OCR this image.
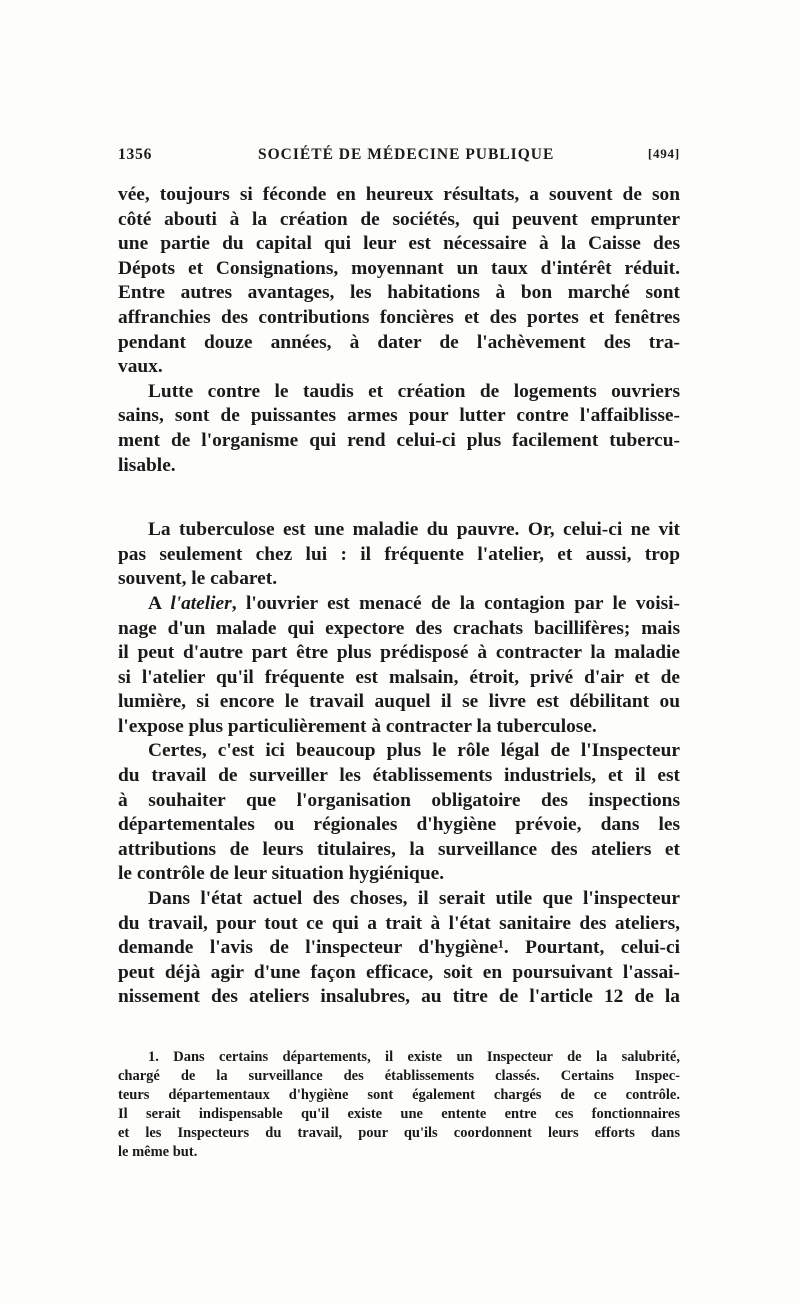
1356	SOCIÉTÉ DE MÉDECINE PUBLIQUE	[494]
vée, toujours si féconde en heureux résultats, a souvent de son
côté abouti à la création de sociétés, qui peuvent emprunter
une partie du capital qui leur est nécessaire à la Caisse des
Dépots et Consignations, moyennant un taux d'intérêt réduit.
Entre autres avantages, les habitations à bon marché sont
affranchies des contributions foncières et des portes et fenêtres
pendant douze années, à dater de l'achèvement des tra-
vaux.
Lutte contre le taudis et création de logements ouvriers
sains, sont de puissantes armes pour lutter contre l'affaiblisse-
ment de l'organisme qui rend celui-ci plus facilement tubercu-
lisable.
La tuberculose est une maladie du pauvre. Or, celui-ci ne vit
pas seulement chez lui : il fréquente l'atelier, et aussi, trop
souvent, le cabaret.
A l'atelier, l'ouvrier est menacé de la contagion par le voisi-
nage d'un malade qui expectore des crachats bacillifères; mais
il peut d'autre part être plus prédisposé à contracter la maladie
si l'atelier qu'il fréquente est malsain, étroit, privé d'air et de
lumière, si encore le travail auquel il se livre est débilitant ou
l'expose plus particulièrement à contracter la tuberculose.
Certes, c'est ici beaucoup plus le rôle légal de l'Inspecteur
du travail de surveiller les établissements industriels, et il est
à souhaiter que l'organisation obligatoire des inspections
départementales ou régionales d'hygiène prévoie, dans les
attributions de leurs titulaires, la surveillance des ateliers et
le contrôle de leur situation hygiénique.
Dans l'état actuel des choses, il serait utile que l'inspecteur
du travail, pour tout ce qui a trait à l'état sanitaire des ateliers,
demande l'avis de l'inspecteur d'hygiène¹. Pourtant, celui-ci
peut déjà agir d'une façon efficace, soit en poursuivant l'assai-
nissement des ateliers insalubres, au titre de l'article 12 de la
1. Dans certains départements, il existe un Inspecteur de la salubrité,
chargé de la surveillance des établissements classés. Certains Inspec-
teurs départementaux d'hygiène sont également chargés de ce contrôle.
Il serait indispensable qu'il existe une entente entre ces fonctionnaires
et les Inspecteurs du travail, pour qu'ils coordonnent leurs efforts dans
le même but.
